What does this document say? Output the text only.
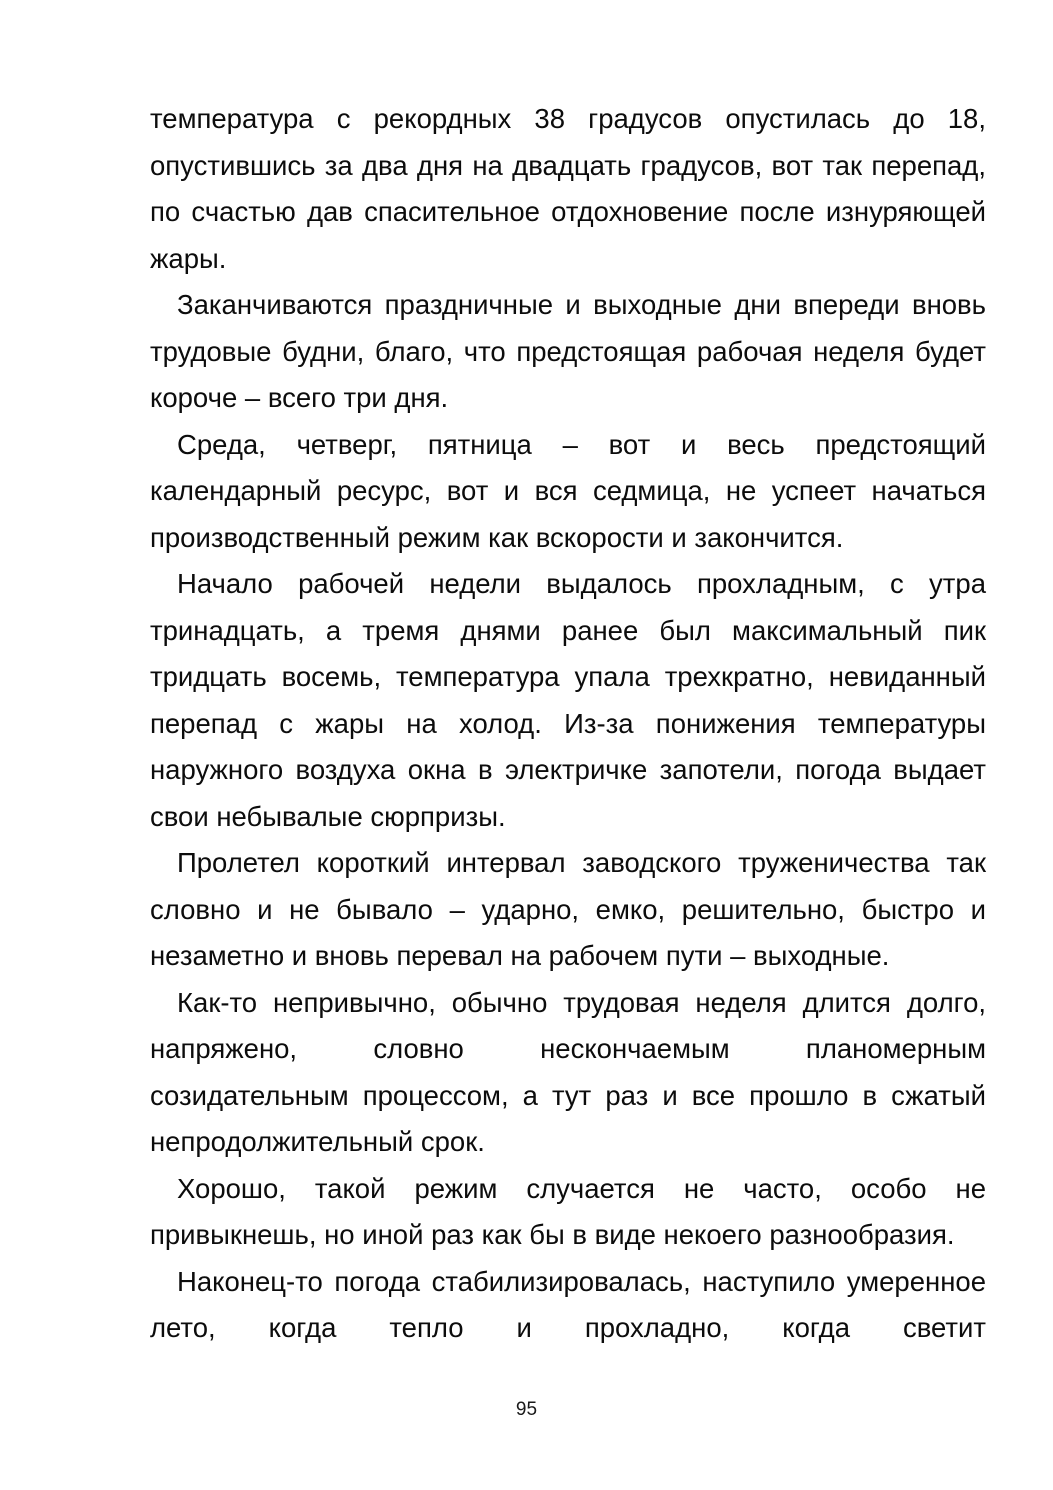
температура с рекордных 38 градусов опустилась до 18, опустившись за два дня на двадцать градусов, вот так перепад, по счастью дав спасительное отдохновение после изнуряющей жары.

Заканчиваются праздничные и выходные дни впереди вновь трудовые будни, благо, что предстоящая рабочая неделя будет короче – всего три дня.

Среда, четверг, пятница – вот и весь предстоящий календарный ресурс, вот и вся седмица, не успеет начаться производственный режим как вскорости и закончится.

Начало рабочей недели выдалось прохладным, с утра тринадцать, а тремя днями ранее был максимальный пик тридцать восемь, температура упала трехкратно, невиданный перепад с жары на холод. Из-за понижения температуры наружного воздуха окна в электричке запотели, погода выдает свои небывалые сюрпризы.

Пролетел короткий интервал заводского труженичества так словно и не бывало – ударно, емко, решительно, быстро и незаметно и вновь перевал на рабочем пути – выходные.

Как-то непривычно, обычно трудовая неделя длится долго, напряжено, словно нескончаемым планомерным созидательным процессом, а тут раз и все прошло в сжатый непродолжительный срок.

Хорошо, такой режим случается не часто, особо не привыкнешь, но иной раз как бы в виде некоего разнообразия.

Наконец-то погода стабилизировалась, наступило умеренное лето, когда тепло и прохладно, когда светит

95
